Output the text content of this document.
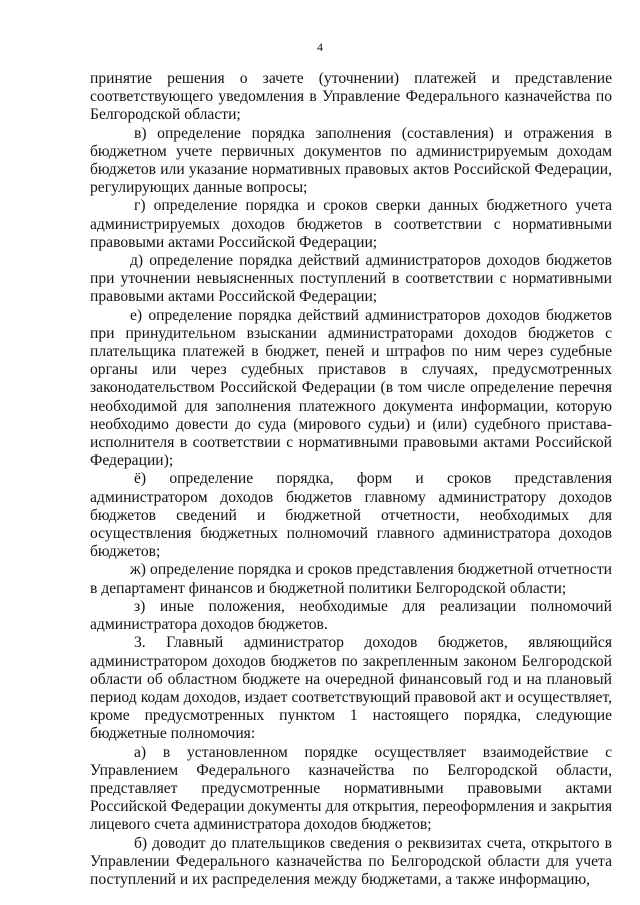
4

принятие решения о зачете (уточнении) платежей и представление соответствующего уведомления в Управление Федерального казначейства по Белгородской области;

в) определение порядка заполнения (составления) и отражения в бюджетном учете первичных документов по администрируемым доходам бюджетов или указание нормативных правовых актов Российской Федерации, регулирующих данные вопросы;

г) определение порядка и сроков сверки данных бюджетного учета администрируемых доходов бюджетов в соответствии с нормативными правовыми актами Российской Федерации;

д) определение порядка действий администраторов доходов бюджетов при уточнении невыясненных поступлений в соответствии с нормативными правовыми актами Российской Федерации;

е) определение порядка действий администраторов доходов бюджетов при принудительном взыскании администраторами доходов бюджетов с плательщика платежей в бюджет, пеней и штрафов по ним через судебные органы или через судебных приставов в случаях, предусмотренных законодательством Российской Федерации (в том числе определение перечня необходимой для заполнения платежного документа информации, которую необходимо довести до суда (мирового судьи) и (или) судебного пристава-исполнителя в соответствии с нормативными правовыми актами Российской Федерации);

ё) определение порядка, форм и сроков представления администратором доходов бюджетов главному администратору доходов бюджетов сведений и бюджетной отчетности, необходимых для осуществления бюджетных полномочий главного администратора доходов бюджетов;

ж) определение порядка и сроков представления бюджетной отчетности в департамент финансов и бюджетной политики Белгородской области;

з) иные положения, необходимые для реализации полномочий администратора доходов бюджетов.

3. Главный администратор доходов бюджетов, являющийся администратором доходов бюджетов по закрепленным законом Белгородской области об областном бюджете на очередной финансовый год и на плановый период кодам доходов, издает соответствующий правовой акт и осуществляет, кроме предусмотренных пунктом 1 настоящего порядка, следующие бюджетные полномочия:

а) в установленном порядке осуществляет взаимодействие с Управлением Федерального казначейства по Белгородской области, представляет предусмотренные нормативными правовыми актами Российской Федерации документы для открытия, переоформления и закрытия лицевого счета администратора доходов бюджетов;

б) доводит до плательщиков сведения о реквизитах счета, открытого в Управлении Федерального казначейства по Белгородской области для учета поступлений и их распределения между бюджетами, а также информацию,
